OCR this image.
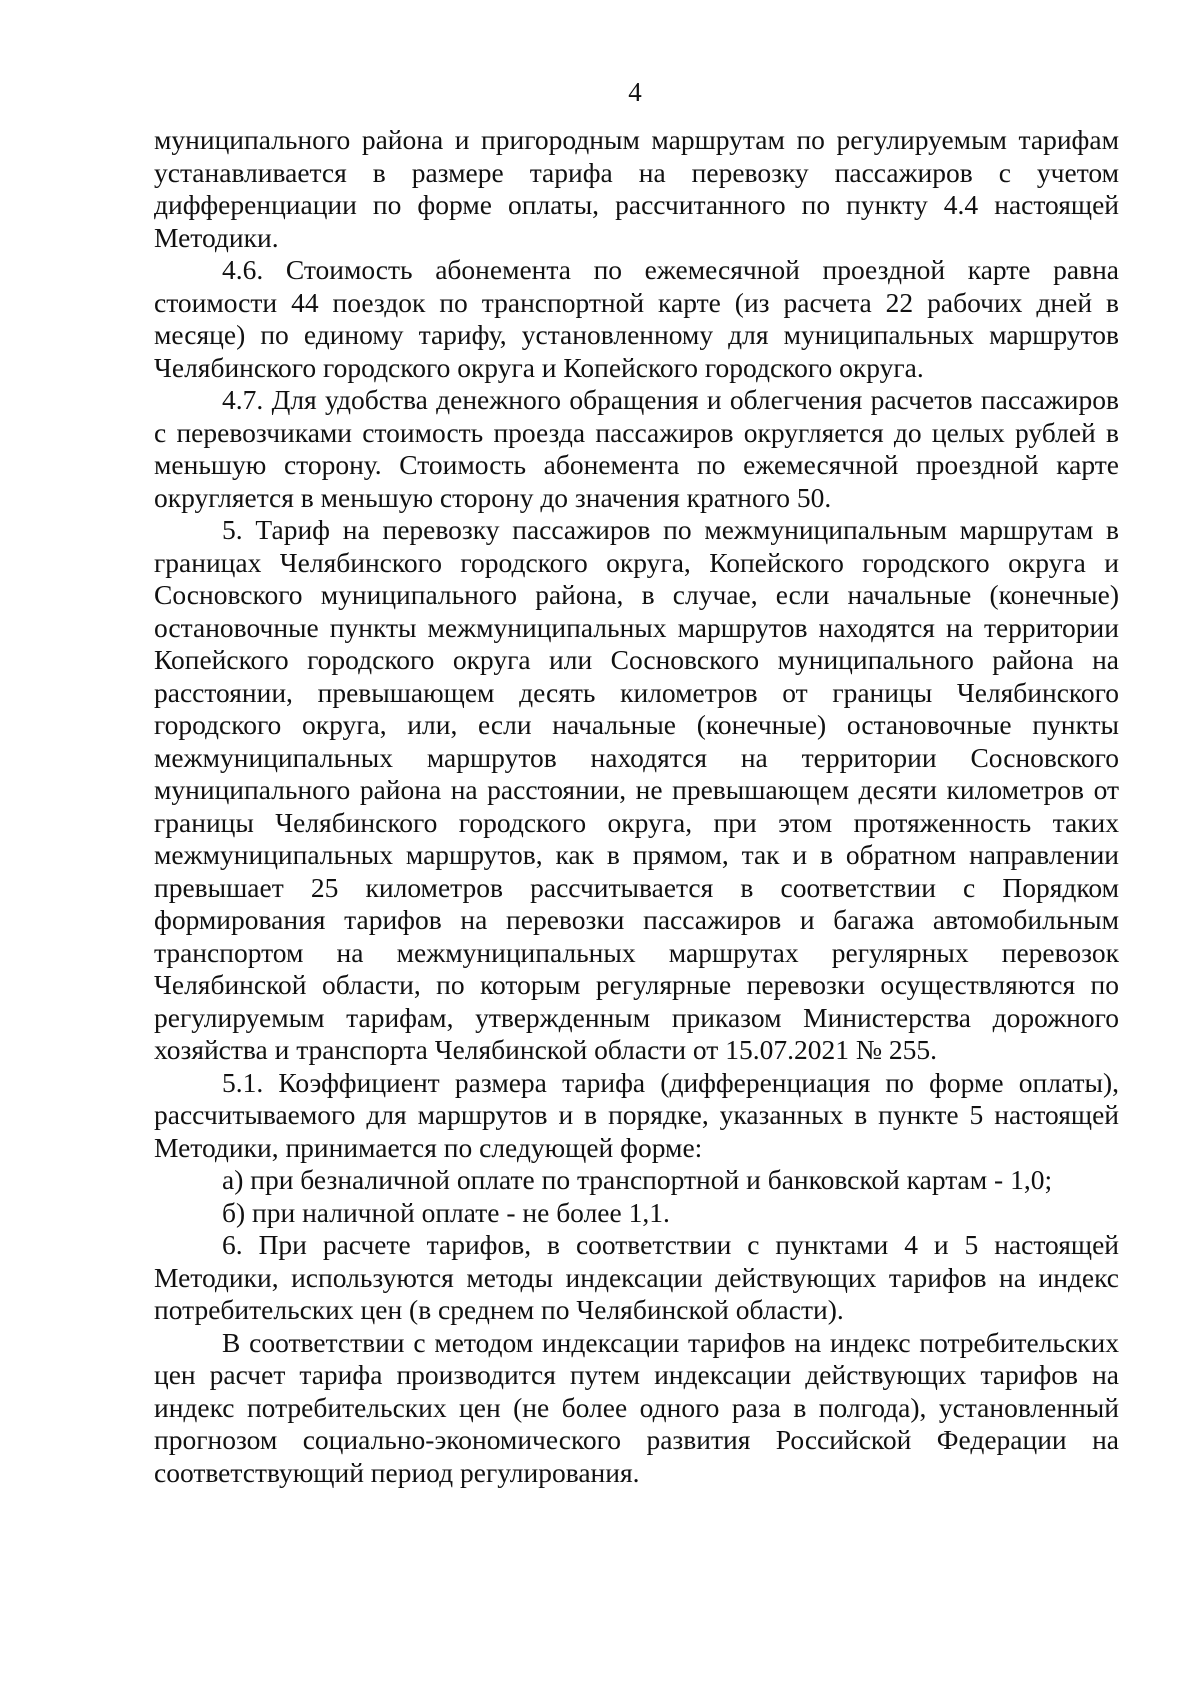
4

муниципального района и пригородным маршрутам по регулируемым тарифам устанавливается в размере тарифа на перевозку пассажиров с учетом дифференциации по форме оплаты, рассчитанного по пункту 4.4 настоящей Методики.

4.6. Стоимость абонемента по ежемесячной проездной карте равна стоимости 44 поездок по транспортной карте (из расчета 22 рабочих дней в месяце) по единому тарифу, установленному для муниципальных маршрутов Челябинского городского округа и Копейского городского округа.

4.7. Для удобства денежного обращения и облегчения расчетов пассажиров с перевозчиками стоимость проезда пассажиров округляется до целых рублей в меньшую сторону. Стоимость абонемента по ежемесячной проездной карте округляется в меньшую сторону до значения кратного 50.

5. Тариф на перевозку пассажиров по межмуниципальным маршрутам в границах Челябинского городского округа, Копейского городского округа и Сосновского муниципального района, в случае, если начальные (конечные) остановочные пункты межмуниципальных маршрутов находятся на территории Копейского городского округа или Сосновского муниципального района на расстоянии, превышающем десять километров от границы Челябинского городского округа, или, если начальные (конечные) остановочные пункты межмуниципальных маршрутов находятся на территории Сосновского муниципального района на расстоянии, не превышающем десяти километров от границы Челябинского городского округа, при этом протяженность таких межмуниципальных маршрутов, как в прямом, так и в обратном направлении превышает 25 километров рассчитывается в соответствии с Порядком формирования тарифов на перевозки пассажиров и багажа автомобильным транспортом на межмуниципальных маршрутах регулярных перевозок Челябинской области, по которым регулярные перевозки осуществляются по регулируемым тарифам, утвержденным приказом Министерства дорожного хозяйства и транспорта Челябинской области от 15.07.2021 № 255.

5.1. Коэффициент размера тарифа (дифференциация по форме оплаты), рассчитываемого для маршрутов и в порядке, указанных в пункте 5 настоящей Методики, принимается по следующей форме:

а) при безналичной оплате по транспортной и банковской картам - 1,0;

б) при наличной оплате - не более 1,1.

6. При расчете тарифов, в соответствии с пунктами 4 и 5 настоящей Методики, используются методы индексации действующих тарифов на индекс потребительских цен (в среднем по Челябинской области).

В соответствии с методом индексации тарифов на индекс потребительских цен расчет тарифа производится путем индексации действующих тарифов на индекс потребительских цен (не более одного раза в полгода), установленный прогнозом социально-экономического развития Российской Федерации на соответствующий период регулирования.
